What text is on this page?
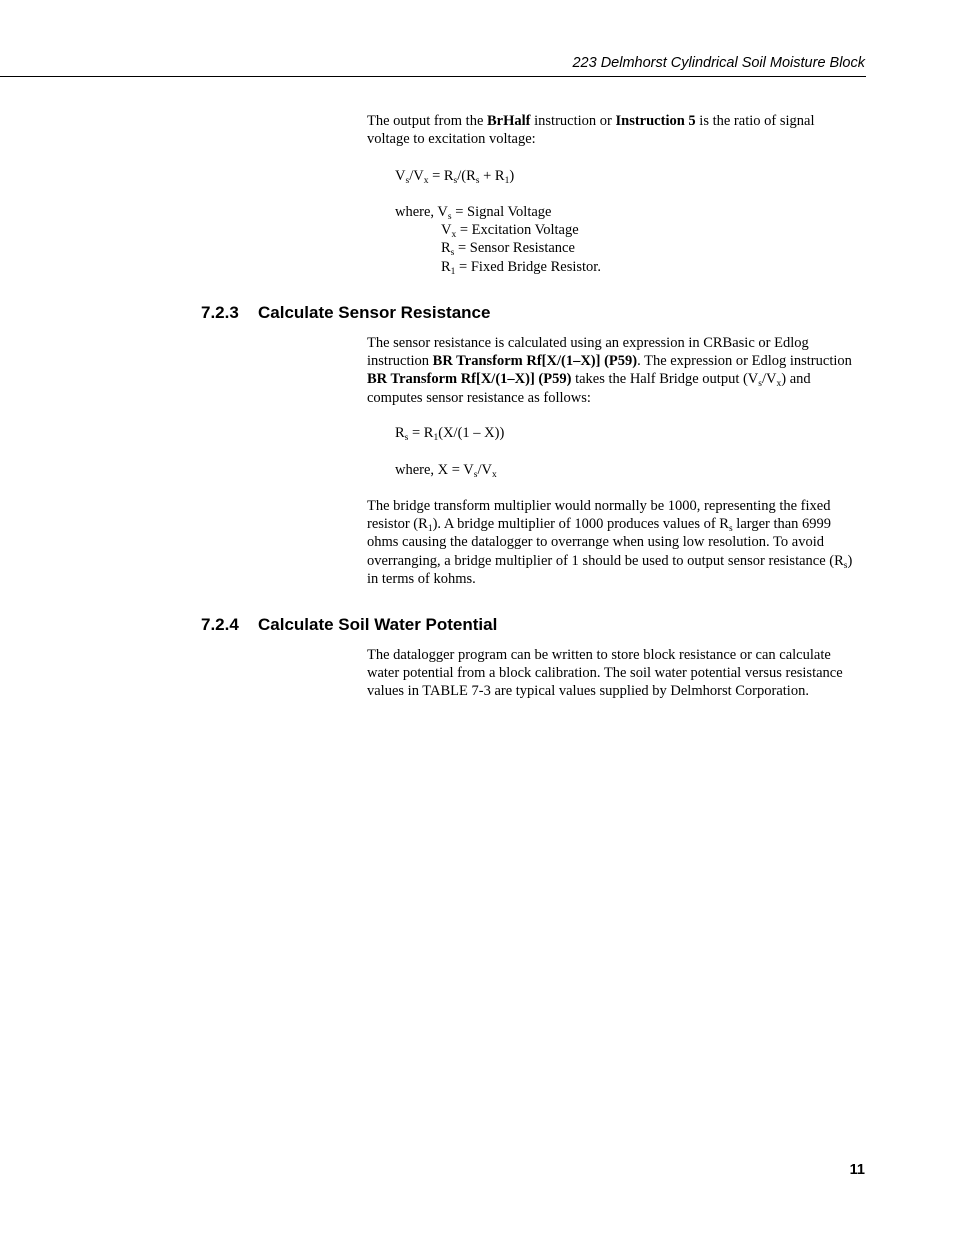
223 Delmhorst Cylindrical Soil Moisture Block

The output from the BrHalf instruction or Instruction 5 is the ratio of signal voltage to excitation voltage:

$V_s/V_x = R_s/(R_s + R_1)$
where, $V_s$ = Signal Voltage
$V_x$ = Excitation Voltage
$R_s$ = Sensor Resistance
$R_1$ = Fixed Bridge Resistor.
7.2.3 Calculate Sensor Resistance

The sensor resistance is calculated using an expression in CRBasic or Edlog instruction BR Transform Rf[X/(1–X)] (P59). The expression or Edlog instruction BR Transform Rf[X/(1–X)] (P59) takes the Half Bridge output $(V_s/V_x)$ and computes sensor resistance as follows:

$R_s = R_1(X/(1 - X))$
where, $X = V_s/V_x$

The bridge transform multiplier would normally be 1000, representing the fixed resistor $(R_1)$. A bridge multiplier of 1000 produces values of $R_s$ larger than 6999 ohms causing the datalogger to overrange when using low resolution. To avoid overranging, a bridge multiplier of 1 should be used to output sensor resistance $(R_s)$ in terms of kohms.

7.2.4 Calculate Soil Water Potential

The datalogger program can be written to store block resistance or can calculate water potential from a block calibration. The soil water potential versus resistance values in TABLE 7-3 are typical values supplied by Delmhorst Corporation.

11
